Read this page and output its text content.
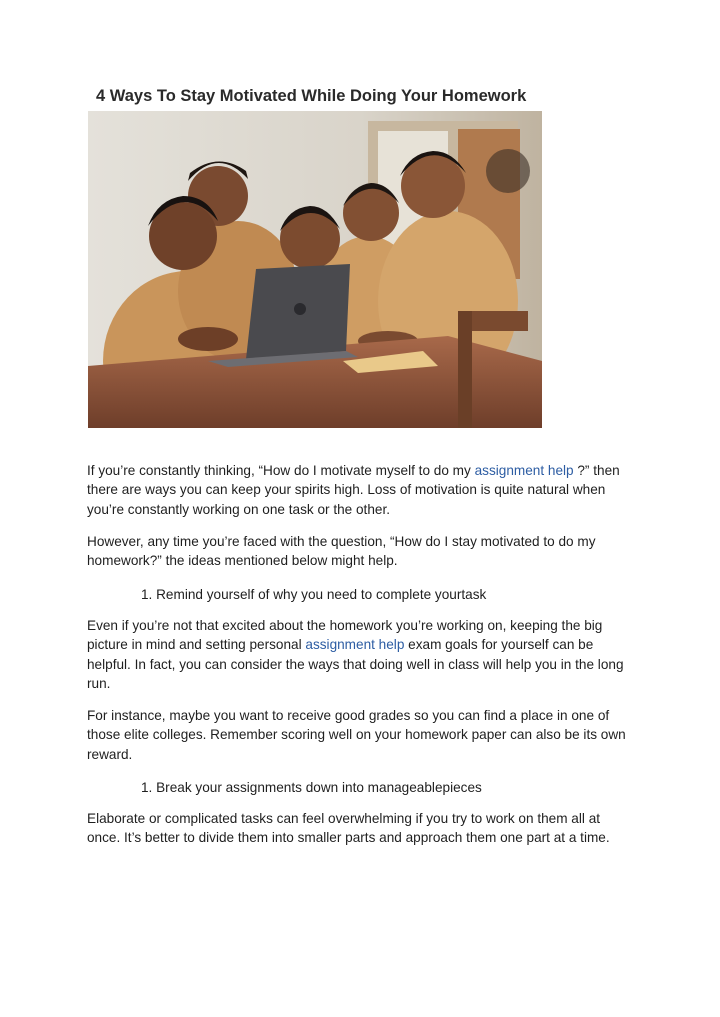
4 Ways To Stay Motivated While Doing Your Homework

If you’re constantly thinking, “How do I motivate myself to do my assignment help ?” then there are ways you can keep your spirits high. Loss of motivation is quite natural when you’re constantly working on one task or the other.

However, any time you’re faced with the question, “How do I stay motivated to do my homework?” the ideas mentioned below might help.

1. Remind yourself of why you need to complete yourtask

Even if you’re not that excited about the homework you’re working on, keeping the big picture in mind and setting personal assignment help exam goals for yourself can be helpful. In fact, you can consider the ways that doing well in class will help you in the long run.

For instance, maybe you want to receive good grades so you can find a place in one of those elite colleges. Remember scoring well on your homework paper can also be its own reward.

1. Break your assignments down into manageablepieces

Elaborate or complicated tasks can feel overwhelming if you try to work on them all at once. It’s better to divide them into smaller parts and approach them one part at a time.
